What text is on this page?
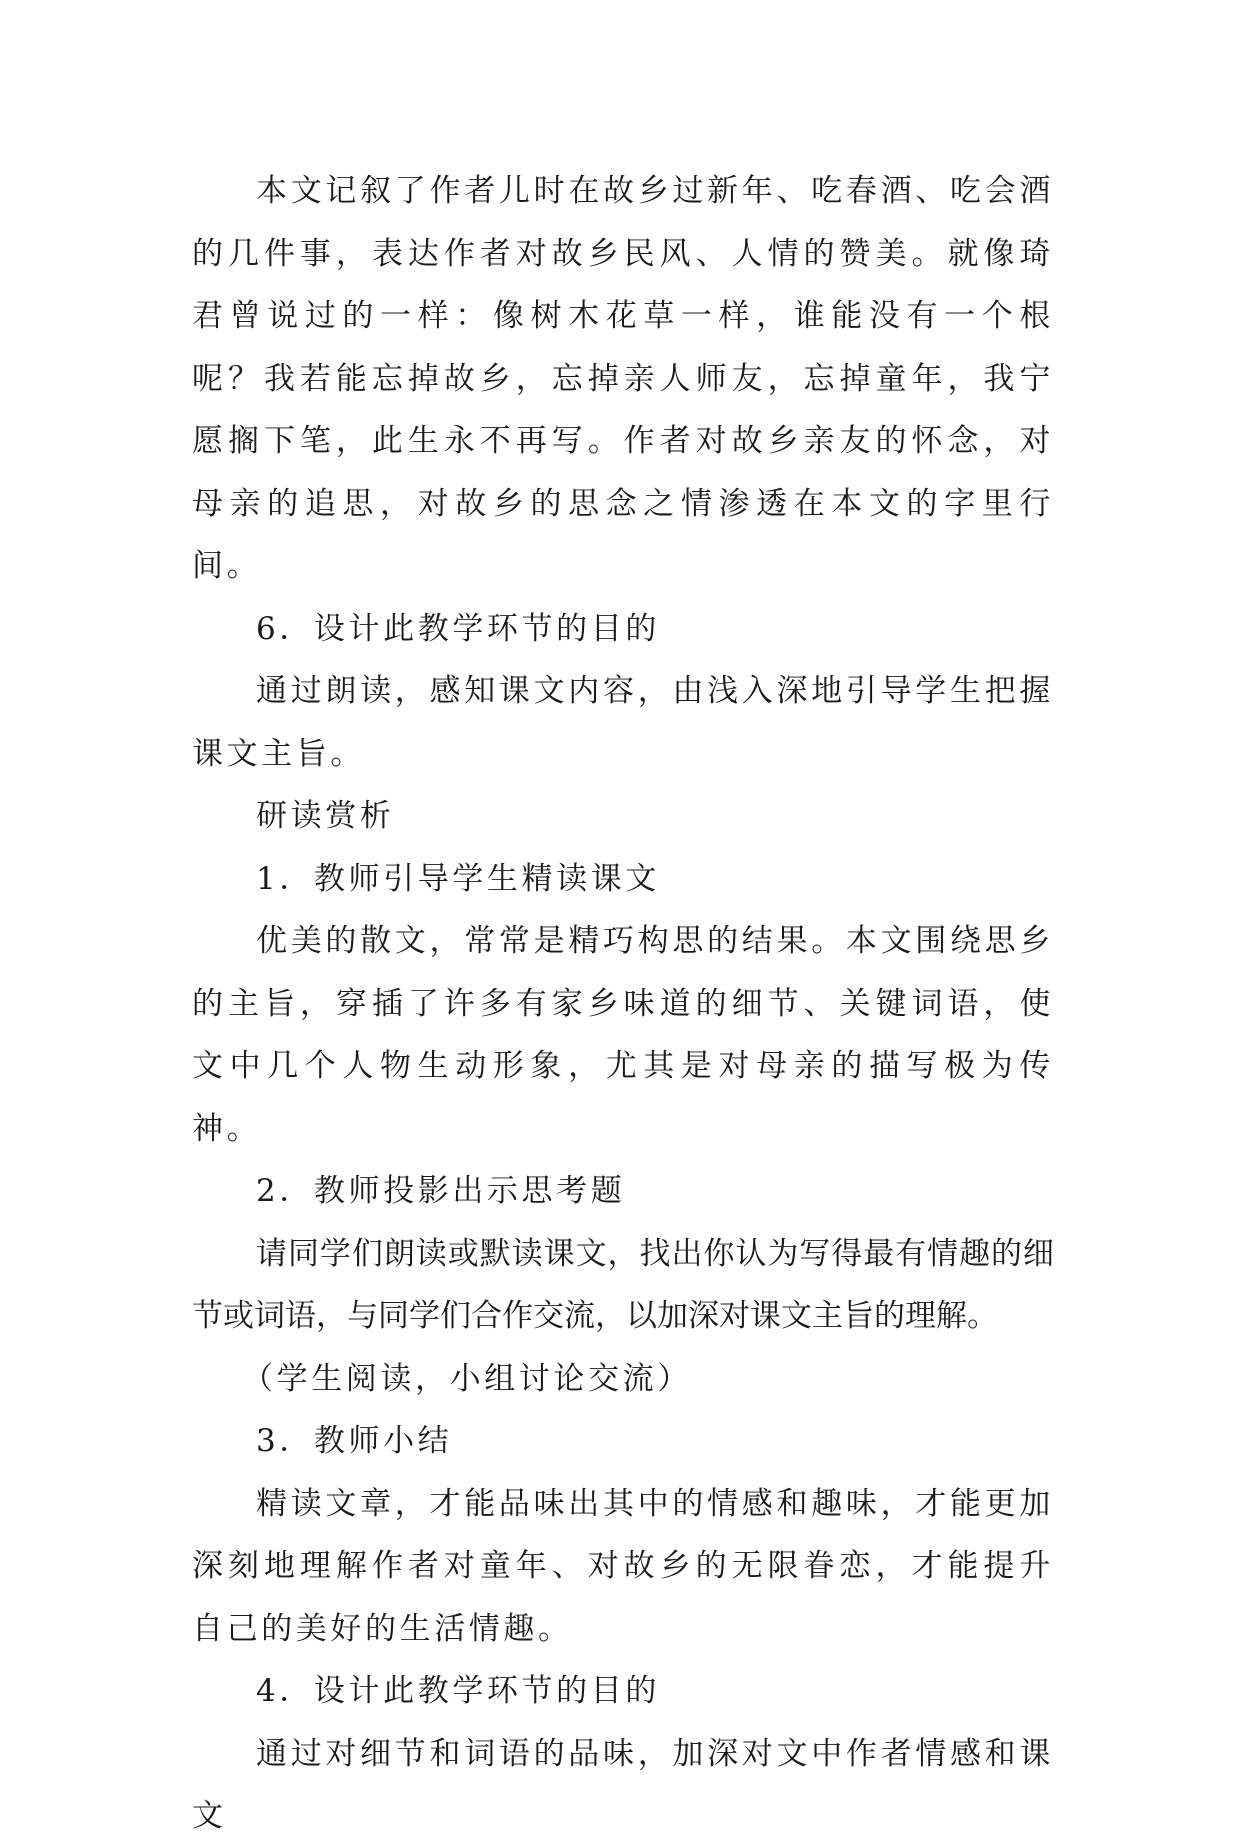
本文记叙了作者儿时在故乡过新年、吃春酒、吃会酒的几件事，表达作者对故乡民风、人情的赞美。就像琦君曾说过的一样：像树木花草一样，谁能没有一个根呢？我若能忘掉故乡，忘掉亲人师友，忘掉童年，我宁愿搁下笔，此生永不再写。作者对故乡亲友的怀念，对母亲的追思，对故乡的思念之情渗透在本文的字里行间。

6．设计此教学环节的目的

通过朗读，感知课文内容，由浅入深地引导学生把握课文主旨。

研读赏析

1．教师引导学生精读课文

优美的散文，常常是精巧构思的结果。本文围绕思乡的主旨，穿插了许多有家乡味道的细节、关键词语，使文中几个人物生动形象，尤其是对母亲的描写极为传神。

2．教师投影出示思考题

请同学们朗读或默读课文，找出你认为写得最有情趣的细节或词语，与同学们合作交流，以加深对课文主旨的理解。

（学生阅读，小组讨论交流）

3．教师小结

精读文章，才能品味出其中的情感和趣味，才能更加深刻地理解作者对童年、对故乡的无限眷恋，才能提升自己的美好的生活情趣。

4．设计此教学环节的目的

通过对细节和词语的品味，加深对文中作者情感和课文
